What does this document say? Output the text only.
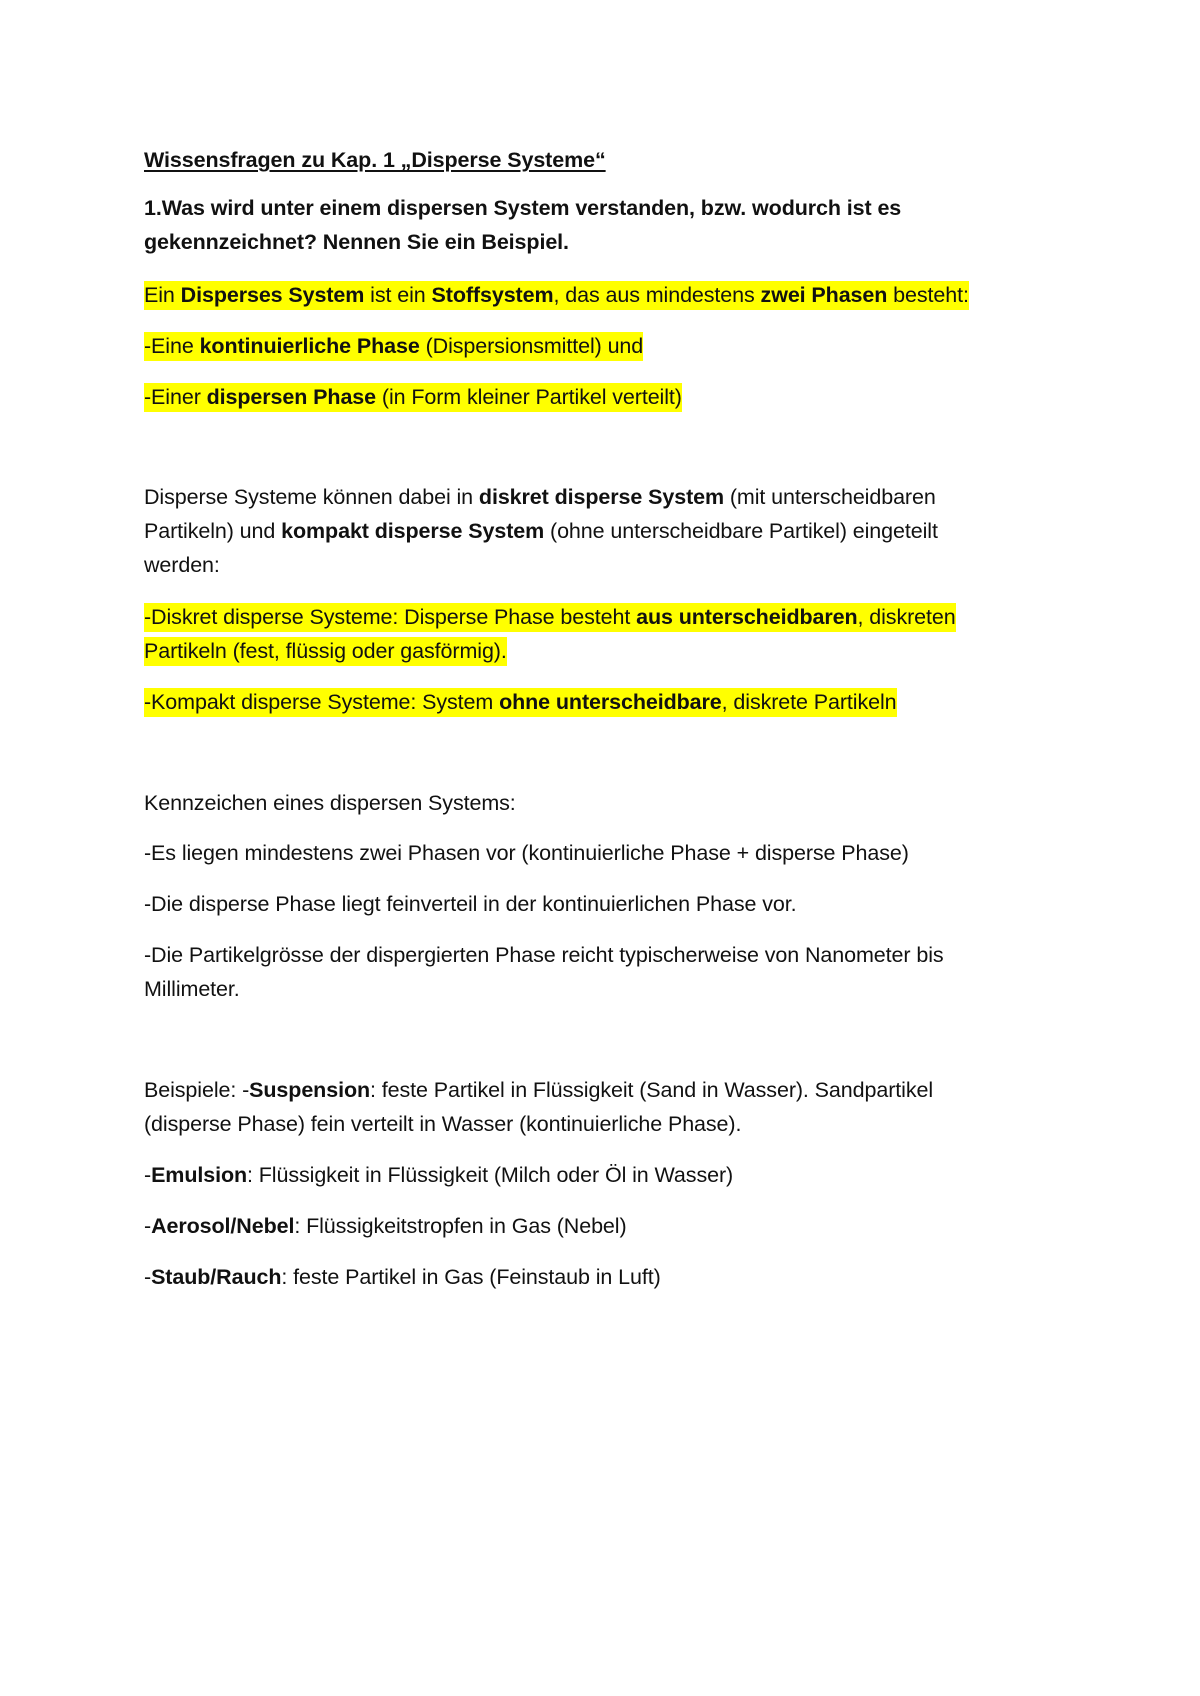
Wissensfragen zu Kap. 1 „Disperse Systeme“
1.Was wird unter einem dispersen System verstanden, bzw. wodurch ist es
gekennzeichnet? Nennen Sie ein Beispiel.
Ein Disperses System ist ein Stoffsystem, das aus mindestens zwei Phasen besteht:
-Eine kontinuierliche Phase (Dispersionsmittel) und
-Einer dispersen Phase (in Form kleiner Partikel verteilt)
Disperse Systeme können dabei in diskret disperse System (mit unterscheidbaren
Partikeln) und kompakt disperse System (ohne unterscheidbare Partikel) eingeteilt
werden:
-Diskret disperse Systeme: Disperse Phase besteht aus unterscheidbaren, diskreten
Partikeln (fest, flüssig oder gasförmig).
-Kompakt disperse Systeme: System ohne unterscheidbare, diskrete Partikeln
Kennzeichen eines dispersen Systems:
-Es liegen mindestens zwei Phasen vor (kontinuierliche Phase + disperse Phase)
-Die disperse Phase liegt feinverteil in der kontinuierlichen Phase vor.
-Die Partikelgrösse der dispergierten Phase reicht typischerweise von Nanometer bis
Millimeter.
Beispiele: -Suspension: feste Partikel in Flüssigkeit (Sand in Wasser). Sandpartikel
(disperse Phase) fein verteilt in Wasser (kontinuierliche Phase).
-Emulsion: Flüssigkeit in Flüssigkeit (Milch oder Öl in Wasser)
-Aerosol/Nebel: Flüssigkeitstropfen in Gas (Nebel)
-Staub/Rauch: feste Partikel in Gas (Feinstaub in Luft)
